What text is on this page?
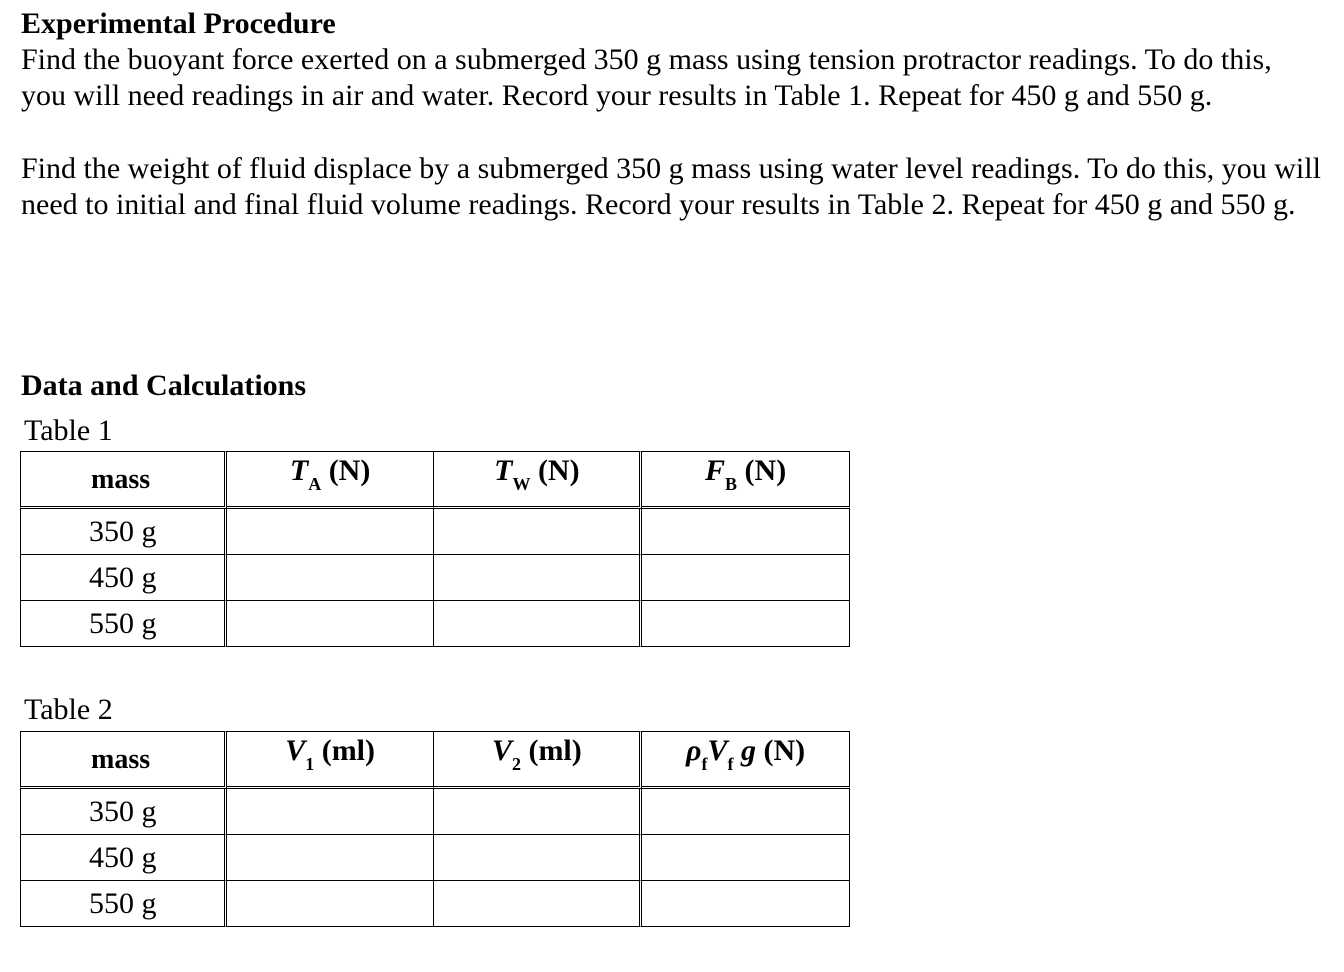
Experimental Procedure

Find the buoyant force exerted on a submerged 350 g mass using tension protractor readings. To do this, you will need readings in air and water. Record your results in Table 1. Repeat for 450 g and 550 g.

Find the weight of fluid displace by a submerged 350 g mass using water level readings. To do this, you will need to initial and final fluid volume readings. Record your results in Table 2. Repeat for 450 g and 550 g.

Data and Calculations
Table 1
mass	$T_A$ (N)	$T_W$ (N)	$F_B$ (N)
350 g			
450 g			
550 g			
Table 2
mass	$V_1$ (ml)	$V_2$ (ml)	$\rho_fV_f$ g (N)
350 g			
450 g			
550 g			
